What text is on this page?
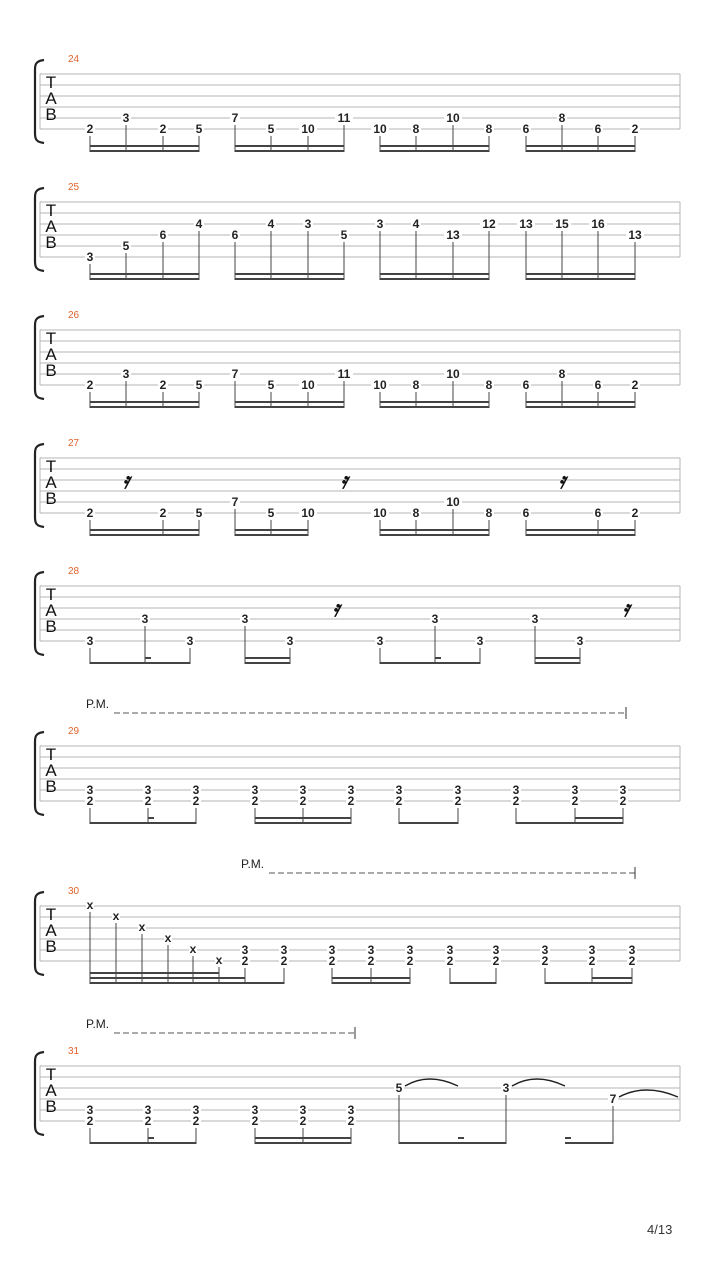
24
25
26
27
28
29
30
31
T
A
B
T
A
B
T
A
B
T
A
B
T
A
B
T
A
B
T
A
B
T
A
B
2
3
2 5
7
5 10
11
10 8
10
8	6
8
6	2
3
5
6
4
6
4	3
5
3 4
13
12 13 15 16
13
2
3
2 5
7
5 10
11
10 8
10
8	6
8
6	2
2	2 5
7
5 10	10 8
10
8	6	6	2
𝄿	𝄿	𝄿
3
3
3
3
3	3
3
3
3
3
𝄿	𝄿
3
2
3
2
3
2
3
2
3
2
3
2
3
2
3
2
3
2
3
2
3
2
x
x
x
x
x
x
3
2
3
2
3
2
3
2
3
2
3
2
3
2
3
2
3
2
3
2
3
2
3
2
3
2
3
2
3
2
3
2
5	3
7
P.M.
P.M.
P.M.
4/13
